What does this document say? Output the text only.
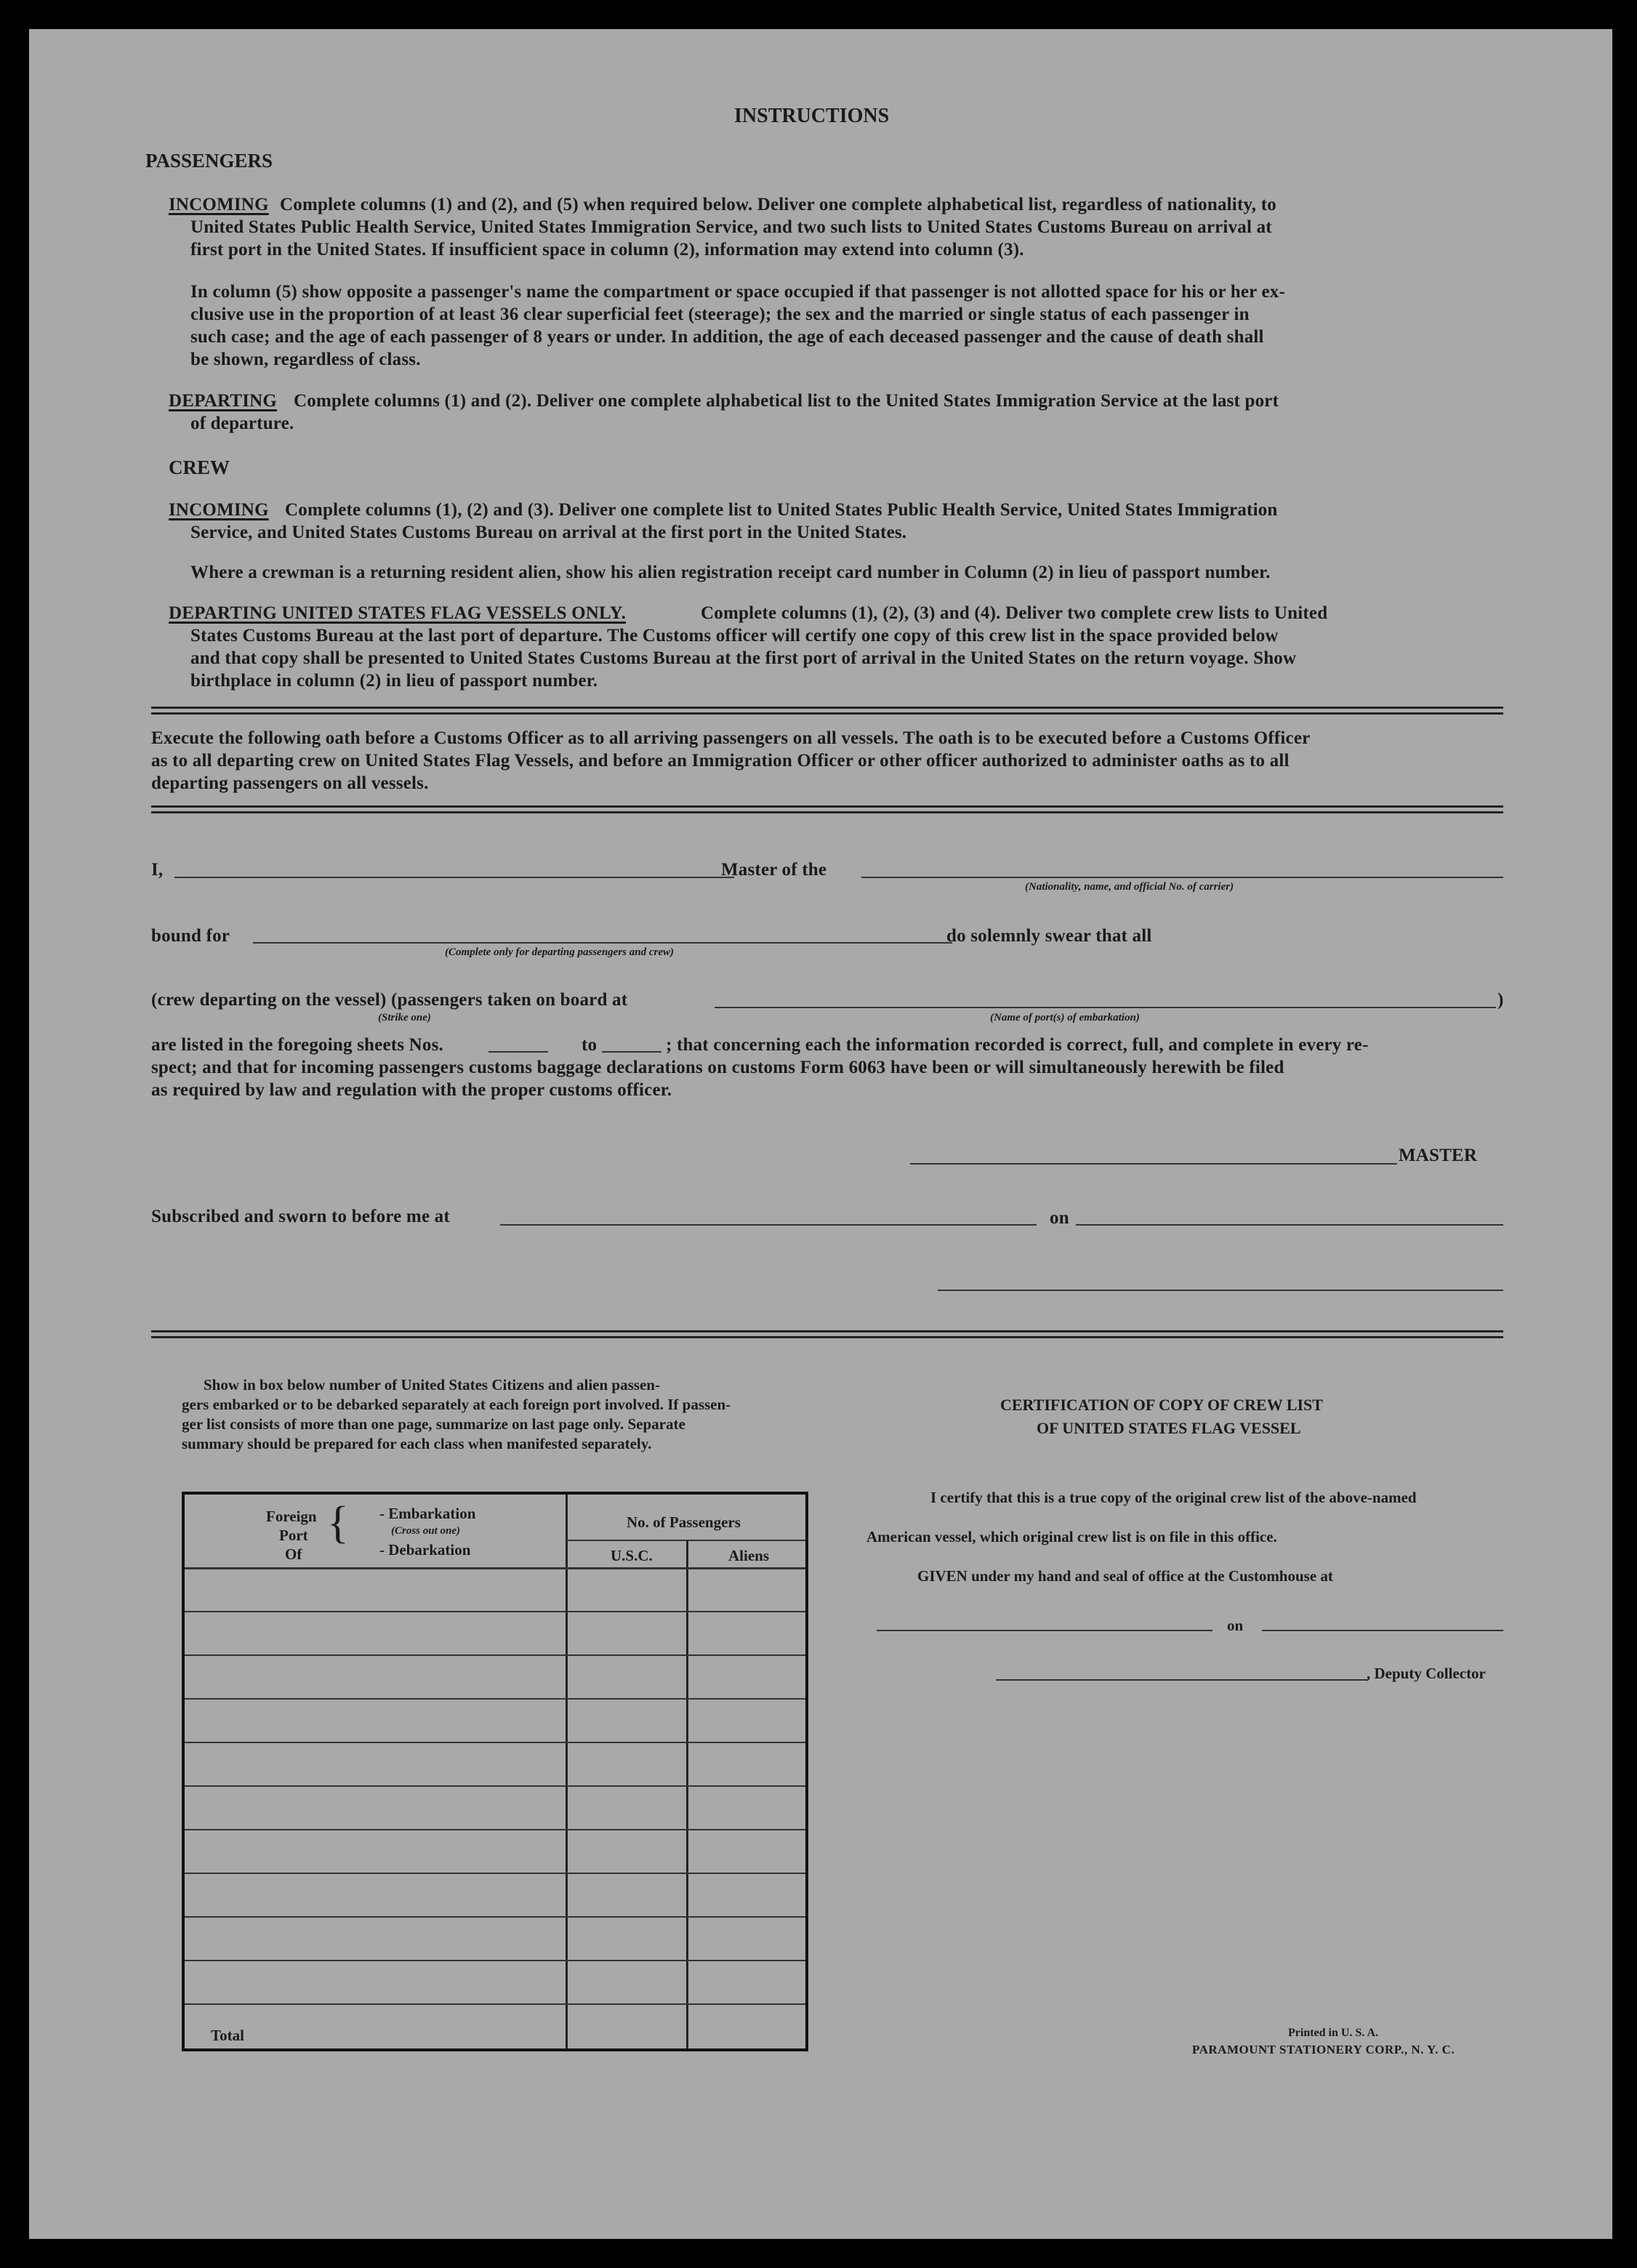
INSTRUCTIONS
PASSENGERS
INCOMING Complete columns (1) and (2), and (5) when required below. Deliver one complete alphabetical list, regardless of nationality, to
United States Public Health Service, United States Immigration Service, and two such lists to United States Customs Bureau on arrival at
first port in the United States. If insufficient space in column (2), information may extend into column (3).
In column (5) show opposite a passenger's name the compartment or space occupied if that passenger is not allotted space for his or her ex-
clusive use in the proportion of at least 36 clear superficial feet (steerage); the sex and the married or single status of each passenger in
such case; and the age of each passenger of 8 years or under. In addition, the age of each deceased passenger and the cause of death shall
be shown, regardless of class.
DEPARTING Complete columns (1) and (2). Deliver one complete alphabetical list to the United States Immigration Service at the last port
of departure.
CREW
INCOMING Complete columns (1), (2) and (3). Deliver one complete list to United States Public Health Service, United States Immigration
Service, and United States Customs Bureau on arrival at the first port in the United States.
Where a crewman is a returning resident alien, show his alien registration receipt card number in Column (2) in lieu of passport number.
DEPARTING UNITED STATES FLAG VESSELS ONLY.	Complete columns (1), (2), (3) and (4). Deliver two complete crew lists to United
States Customs Bureau at the last port of departure. The Customs officer will certify one copy of this crew list in the space provided below
and that copy shall be presented to United States Customs Bureau at the first port of arrival in the United States on the return voyage. Show
birthplace in column (2) in lieu of passport number.
Execute the following oath before a Customs Officer as to all arriving passengers on all vessels. The oath is to be executed before a Customs Officer
as to all departing crew on United States Flag Vessels, and before an Immigration Officer or other officer authorized to administer oaths as to all
departing passengers on all vessels.
I,	Master of the
(Nationality, name, and official No. of carrier)
bound for	do solemnly swear that all
(Complete only for departing passengers and crew)
(crew departing on the vessel) (passengers taken on board at	)
(Strike one)	(Name of port(s) of embarkation)
are listed in the foregoing sheets Nos.	to	; that concerning each the information recorded is correct, full, and complete in every re-
spect; and that for incoming passengers customs baggage declarations on customs Form 6063 have been or will simultaneously herewith be filed
as required by law and regulation with the proper customs officer.
MASTER
Subscribed and sworn to before me at	on
Show in box below number of United States Citizens and alien passen-
gers embarked or to be debarked separately at each foreign port involved. If passen-
ger list consists of more than one page, summarize on last page only. Separate
summary should be prepared for each class when manifested separately.
Foreign
Port
Of
{ - Embarkation
(Cross out one)
- Debarkation
No. of Passengers
U.S.C.	Aliens
Total
CERTIFICATION OF COPY OF CREW LIST
OF UNITED STATES FLAG VESSEL
I certify that this is a true copy of the original crew list of the above-named
American vessel, which original crew list is on file in this office.
GIVEN under my hand and seal of office at the Customhouse at
on
, Deputy Collector
Printed in U. S. A.
PARAMOUNT STATIONERY CORP., N. Y. C.
